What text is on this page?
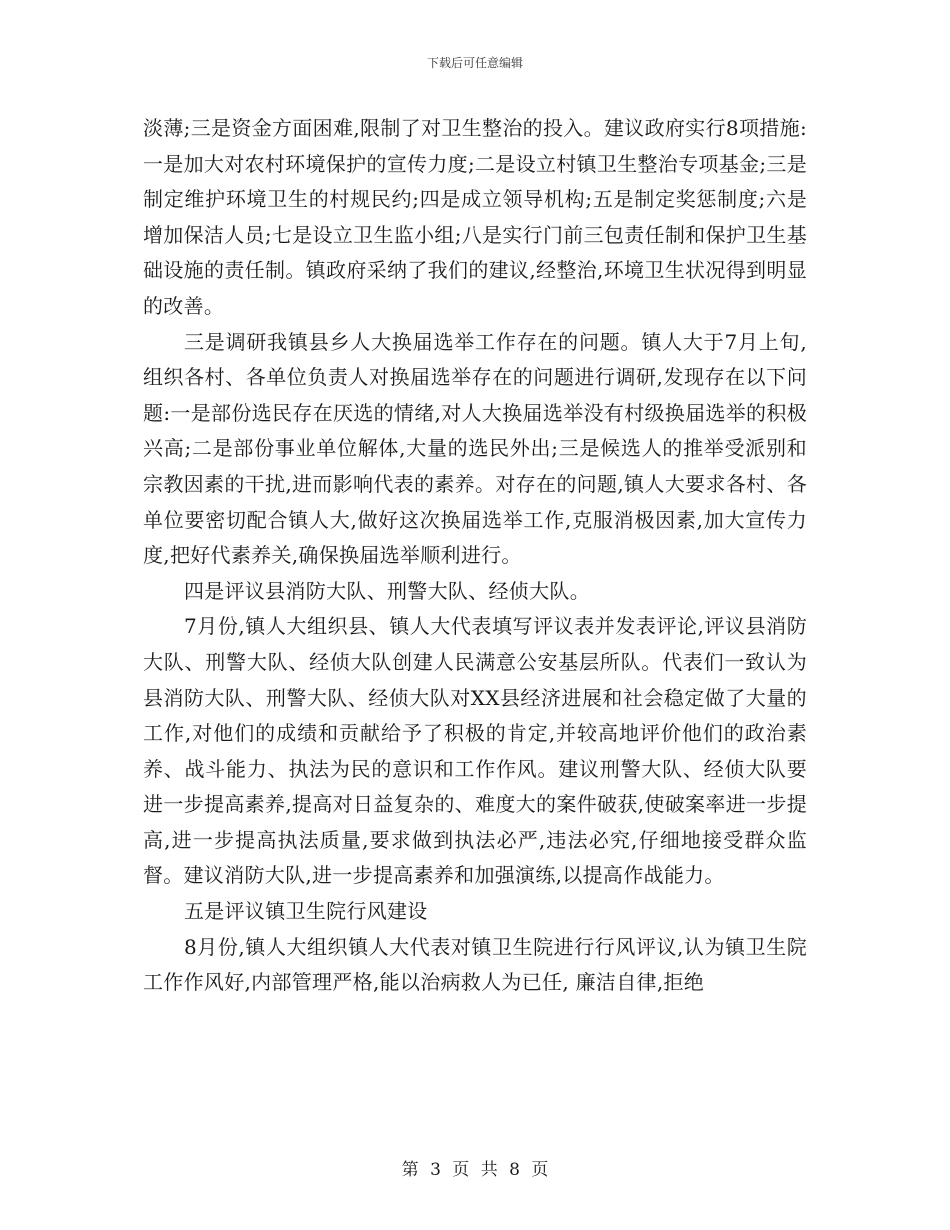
下载后可任意编辑

淡薄;三是资金方面困难,限制了对卫生整治的投入。建议政府实行8项措施:一是加大对农村环境保护的宣传力度;二是设立村镇卫生整治专项基金;三是制定维护环境卫生的村规民约;四是成立领导机构;五是制定奖惩制度;六是增加保洁人员;七是设立卫生监小组;八是实行门前三包责任制和保护卫生基础设施的责任制。镇政府采纳了我们的建议,经整治,环境卫生状况得到明显的改善。

三是调研我镇县乡人大换届选举工作存在的问题。镇人大于7月上旬,组织各村、各单位负责人对换届选举存在的问题进行调研,发现存在以下问题:一是部份选民存在厌选的情绪,对人大换届选举没有村级换届选举的积极兴高;二是部份事业单位解体,大量的选民外出;三是候选人的推举受派别和宗教因素的干扰,进而影响代表的素养。对存在的问题,镇人大要求各村、各单位要密切配合镇人大,做好这次换届选举工作,克服消极因素,加大宣传力度,把好代素养关,确保换届选举顺利进行。

四是评议县消防大队、刑警大队、经侦大队。

7月份,镇人大组织县、镇人大代表填写评议表并发表评论,评议县消防大队、刑警大队、经侦大队创建人民满意公安基层所队。代表们一致认为县消防大队、刑警大队、经侦大队对XX县经济进展和社会稳定做了大量的工作,对他们的成绩和贡献给予了积极的肯定,并较高地评价他们的政治素养、战斗能力、执法为民的意识和工作作风。建议刑警大队、经侦大队要进一步提高素养,提高对日益复杂的、难度大的案件破获,使破案率进一步提高,进一步提高执法质量,要求做到执法必严,违法必究,仔细地接受群众监督。建议消防大队,进一步提高素养和加强演练,以提高作战能力。

五是评议镇卫生院行风建设

8月份,镇人大组织镇人大代表对镇卫生院进行行风评议,认为镇卫生院工作作风好,内部管理严格,能以治病救人为已任, 廉洁自律,拒绝

第 3 页 共 8 页
